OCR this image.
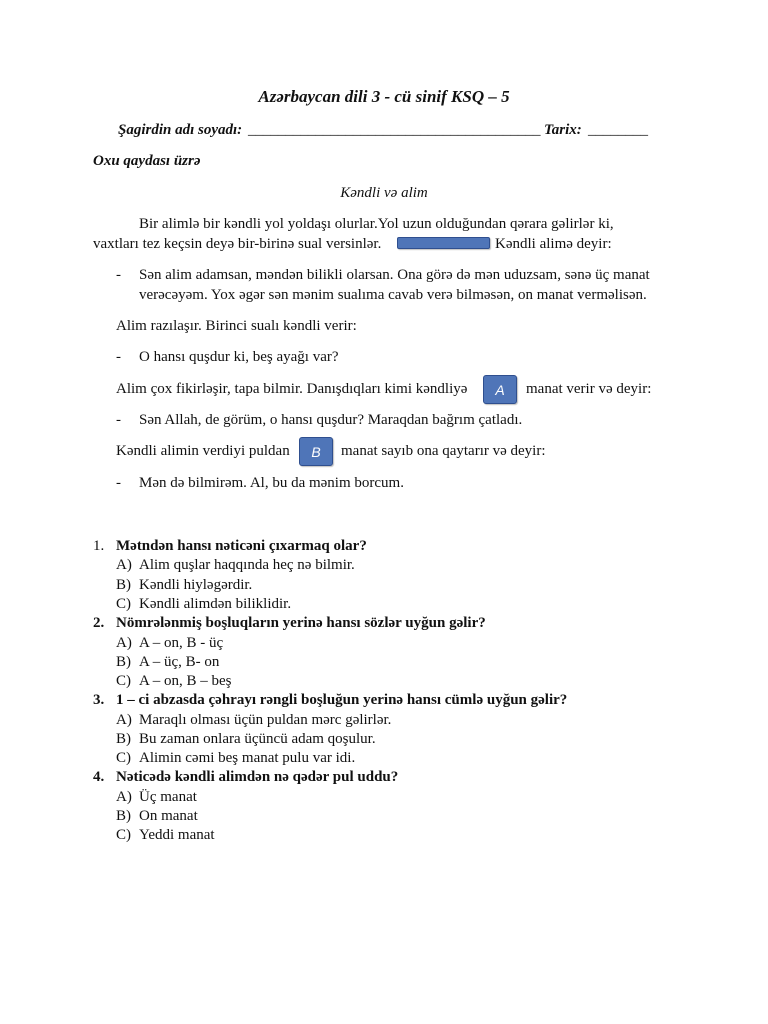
Azərbaycan dili 3 - cü sinif KSQ – 5
Şagirdin adı soyadı: _______________________________________ Tarix: ________
Oxu qaydası üzrə
Kəndli və alim
Bir alimlə bir kəndli yol yoldaşı olurlar.Yol uzun olduğundan qərara gəlirlər ki,
vaxtları tez keçsin deyə bir-birinə sual versinlər.	Kəndli alimə deyir:
- Sən alim adamsan, məndən bilikli olarsan. Ona görə də mən uduzsam, sənə üç manat
verəcəyəm. Yox əgər sən mənim sualıma cavab verə bilməsən, on manat verməlisən.
Alim razılaşır. Birinci sualı kəndli verir:
- O hansı quşdur ki, beş ayağı var?
Alim çox fikirləşir, tapa bilmir. Danışdıqları kimi kəndliyə	A	manat verir və deyir:
- Sən Allah, de görüm, o hansı quşdur? Maraqdan bağrım çatladı.
Kəndli alimin verdiyi puldan	B	manat sayıb ona qaytarır və deyir:
- Mən də bilmirəm. Al, bu da mənim borcum.
1. Mətndən hansı nəticəni çıxarmaq olar?
A) Alim quşlar haqqında heç nə bilmir.
B) Kəndli hiyləgərdir.
C) Kəndli alimdən biliklidir.
2. Nömrələnmiş boşluqların yerinə hansı sözlər uyğun gəlir?
A) A – on, B - üç
B) A – üç, B- on
C) A – on, B – beş
3. 1 – ci abzasda çəhrayı rəngli boşluğun yerinə hansı cümlə uyğun gəlir?
A) Maraqlı olması üçün puldan mərc gəlirlər.
B) Bu zaman onlara üçüncü adam qoşulur.
C) Alimin cəmi beş manat pulu var idi.
4. Nəticədə kəndli alimdən nə qədər pul uddu?
A) Üç manat
B) On manat
C) Yeddi manat
